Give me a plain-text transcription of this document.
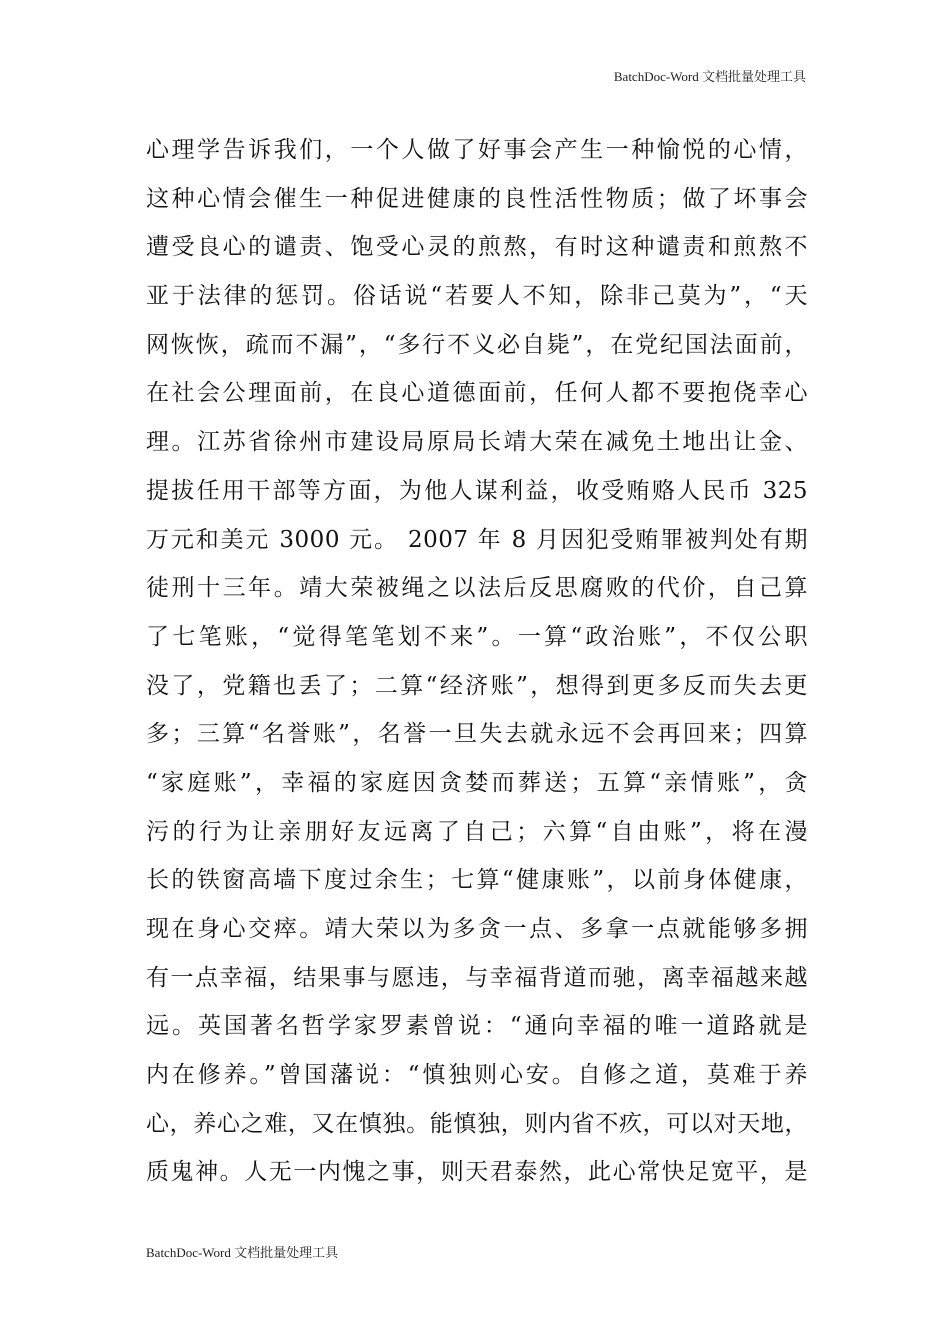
BatchDoc-Word 文档批量处理工具
心理学告诉我们，一个人做了好事会产生一种愉悦的心情，
这种心情会催生一种促进健康的良性活性物质；做了坏事会
遭受良心的谴责、饱受心灵的煎熬，有时这种谴责和煎熬不
亚于法律的惩罚。俗话说“若要人不知，除非己莫为”，“天
网恢恢，疏而不漏”，“多行不义必自毙”，在党纪国法面前，
在社会公理面前，在良心道德面前，任何人都不要抱侥幸心
理。江苏省徐州市建设局原局长靖大荣在减免土地出让金、
提拔任用干部等方面，为他人谋利益，收受贿赂人民币 325
万元和美元 3000 元。 2007 年 8 月因犯受贿罪被判处有期
徒刑十三年。靖大荣被绳之以法后反思腐败的代价，自己算
了七笔账，“觉得笔笔划不来”。一算“政治账”，不仅公职
没了，党籍也丢了；二算“经济账”，想得到更多反而失去更
多；三算“名誉账”，名誉一旦失去就永远不会再回来；四算
“家庭账”，幸福的家庭因贪婪而葬送；五算“亲情账”，贪
污的行为让亲朋好友远离了自己；六算“自由账”，将在漫
长的铁窗高墙下度过余生；七算“健康账”，以前身体健康，
现在身心交瘁。靖大荣以为多贪一点、多拿一点就能够多拥
有一点幸福，结果事与愿违，与幸福背道而驰，离幸福越来越
远。英国著名哲学家罗素曾说：“通向幸福的唯一道路就是
内在修养。”曾国藩说：“慎独则心安。自修之道，莫难于养
心，养心之难，又在慎独。能慎独，则内省不疚，可以对天地，
质鬼神。人无一内愧之事，则天君泰然，此心常快足宽平，是
BatchDoc-Word 文档批量处理工具
